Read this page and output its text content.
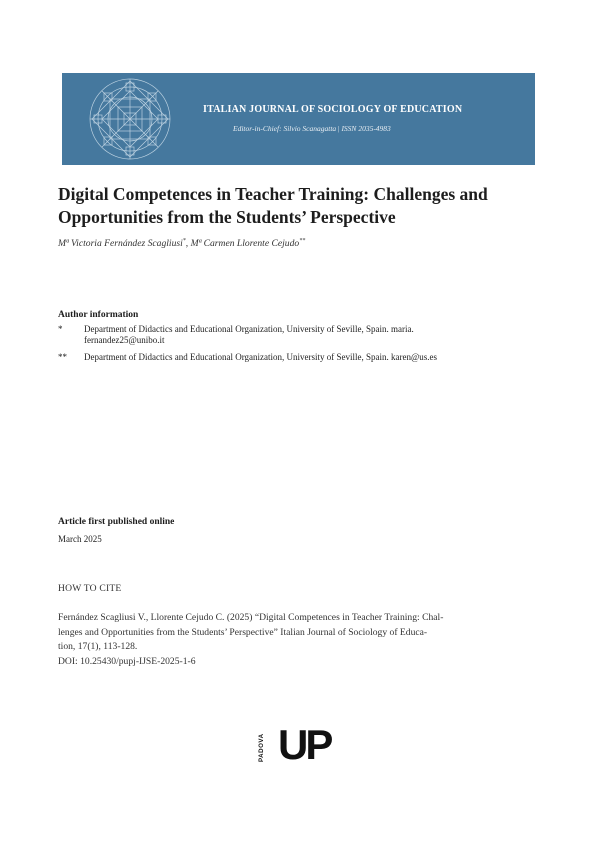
ITALIAN JOURNAL OF SOCIOLOGY OF EDUCATION
Editor-in-Chief: Silvio Scanagatta | ISSN 2035-4983
Digital Competences in Teacher Training: Challenges and
Opportunities from the Students’ Perspective
Mª Victoria Fernández Scagliusi*, Mª Carmen Llorente Cejudo**
Author information
* Department of Didactics and Educational Organization, University of Seville, Spain. maria.
fernandez25@unibo.it
** Department of Didactics and Educational Organization, University of Seville, Spain. karen@us.es
Article first published online
March 2025
HOW TO CITE
Fernández Scagliusi V., Llorente Cejudo C. (2025) “Digital Competences in Teacher Training: Chal-
lenges and Opportunities from the Students’ Perspective” Italian Journal of Sociology of Educa-
tion, 17(1), 113-128.
DOI: 10.25430/pupj-IJSE-2025-1-6
PADOVA UP
